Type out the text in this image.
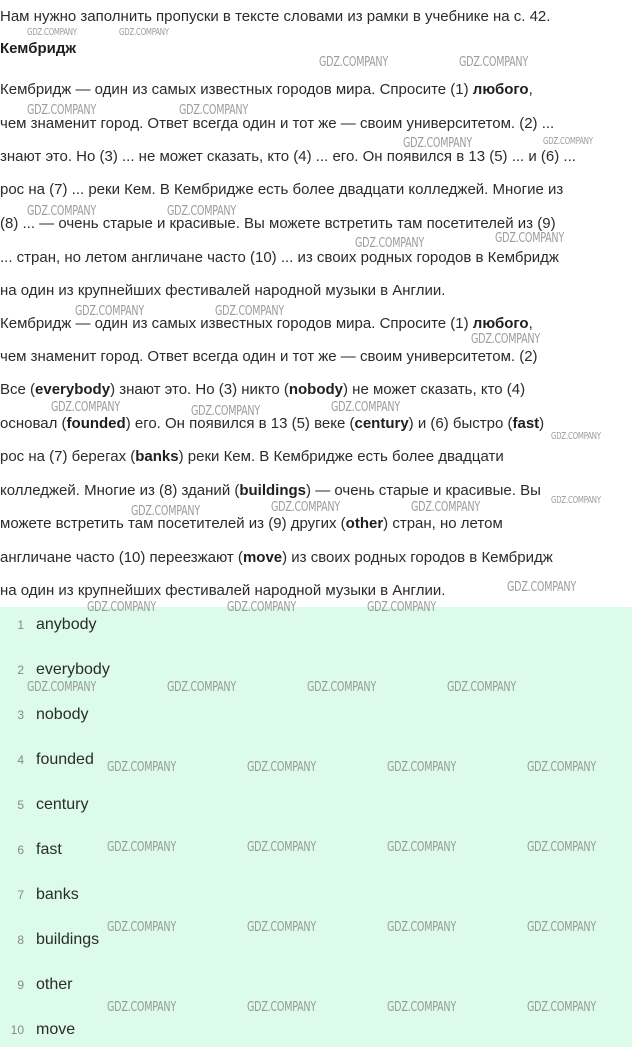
Нам нужно заполнить пропуски в тексте словами из рамки в учебнике на с. 42.
Кембридж
Кембридж — один из самых известных городов мира. Спросите (1) любого,
чем знаменит город. Ответ всегда один и тот же — своим университетом. (2) ...
знают это. Но (3) ... не может сказать, кто (4) ... его. Он появился в 13 (5) ... и (6) ...
рос на (7) ... реки Кем. В Кембридже есть более двадцати колледжей. Многие из
(8) ... — очень старые и красивые. Вы можете встретить там посетителей из (9)
... стран, но летом англичане часто (10) ... из своих родных городов в Кембридж
на один из крупнейших фестивалей народной музыки в Англии.
Кембридж — один из самых известных городов мира. Спросите (1) любого,
чем знаменит город. Ответ всегда один и тот же — своим университетом. (2)
Все (everybody) знают это. Но (3) никто (nobody) не может сказать, кто (4)
основал (founded) его. Он появился в 13 (5) веке (century) и (6) быстро (fast)
рос на (7) берегах (banks) реки Кем. В Кембридже есть более двадцати
колледжей. Многие из (8) зданий (buildings) — очень старые и красивые. Вы
можете встретить там посетителей из (9) других (other) стран, но летом
англичане часто (10) переезжают (move) из своих родных городов в Кембридж
на один из крупнейших фестивалей народной музыки в Англии.
1 anybody
2 everybody
3 nobody
4 founded
5 century
6 fast
7 banks
8 buildings
9 other
10 move
GDZ.COMPANY	GDZ.COMPANY
GDZ.COMPANY	GDZ.COMPANY
GDZ.COMPANY	GDZ.COMPANY
GDZ.COMPANY	GDZ.COMPANY
GDZ.COMPANY	GDZ.COMPANY
GDZ.COMPANY
GDZ.COMPANY
GDZ.COMPANY	GDZ.COMPANY
GDZ.COMPANY
GDZ.COMPANY	GDZ.COMPANY	GDZ.COMPANY
GDZ.COMPANY
GDZ.COMPANY	GDZ.COMPANY	GDZ.COMPANY	GDZ.COMPANY
GDZ.COMPANY
GDZ.COMPANY	GDZ.COMPANY	GDZ.COMPANY
GDZ.COMPANY	GDZ.COMPANY	GDZ.COMPANY	GDZ.COMPANY
GDZ.COMPANY	GDZ.COMPANY	GDZ.COMPANY	GDZ.COMPANY
GDZ.COMPANY	GDZ.COMPANY	GDZ.COMPANY	GDZ.COMPANY
GDZ.COMPANY	GDZ.COMPANY	GDZ.COMPANY	GDZ.COMPANY
GDZ.COMPANY	GDZ.COMPANY	GDZ.COMPANY	GDZ.COMPANY
